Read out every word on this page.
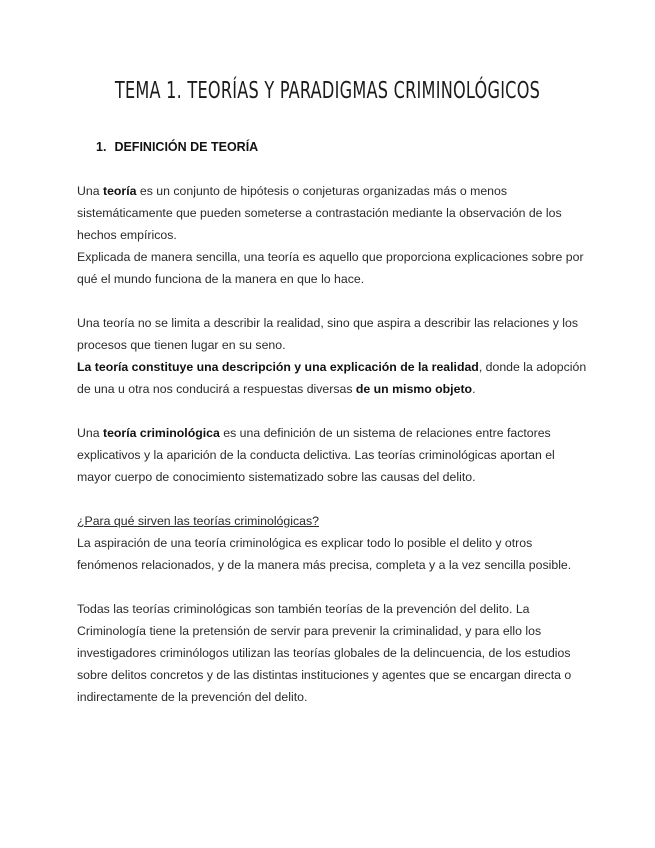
TEMA 1. TEORÍAS Y PARADIGMAS CRIMINOLÓGICOS
1. DEFINICIÓN DE TEORÍA

Una teoría es un conjunto de hipótesis o conjeturas organizadas más o menos sistemáticamente que pueden someterse a contrastación mediante la observación de los hechos empíricos.

Explicada de manera sencilla, una teoría es aquello que proporciona explicaciones sobre por qué el mundo funciona de la manera en que lo hace.

Una teoría no se limita a describir la realidad, sino que aspira a describir las relaciones y los procesos que tienen lugar en su seno.

La teoría constituye una descripción y una explicación de la realidad, donde la adopción de una u otra nos conducirá a respuestas diversas de un mismo objeto.

Una teoría criminológica es una definición de un sistema de relaciones entre factores explicativos y la aparición de la conducta delictiva. Las teorías criminológicas aportan el mayor cuerpo de conocimiento sistematizado sobre las causas del delito.

¿Para qué sirven las teorías criminológicas?

La aspiración de una teoría criminológica es explicar todo lo posible el delito y otros fenómenos relacionados, y de la manera más precisa, completa y a la vez sencilla posible.

Todas las teorías criminológicas son también teorías de la prevención del delito. La Criminología tiene la pretensión de servir para prevenir la criminalidad, y para ello los investigadores criminólogos utilizan las teorías globales de la delincuencia, de los estudios sobre delitos concretos y de las distintas instituciones y agentes que se encargan directa o indirectamente de la prevención del delito.
